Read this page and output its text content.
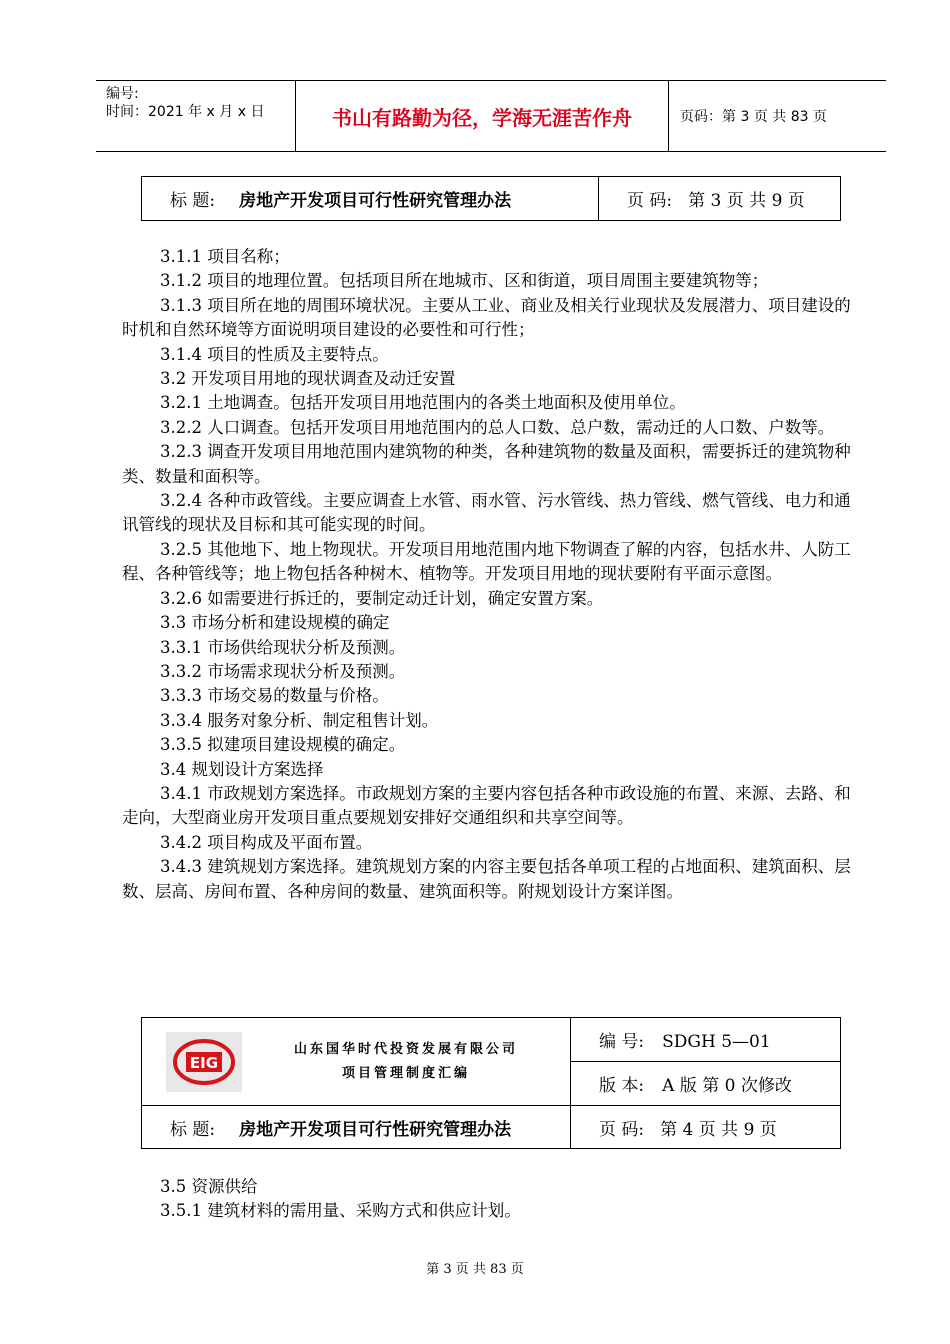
编号:
时间：2021 年 x 月 x 日	书山有路勤为径，学海无涯苦作舟	页码：第 3 页 共 83 页
标 题: 房地产开发项目可行性研究管理办法	页 码: 第 3 页 共 9 页

3.1.1 项目名称；

3.1.2 项目的地理位置。包括项目所在地城市、区和街道，项目周围主要建筑物等；

3.1.3 项目所在地的周围环境状况。主要从工业、商业及相关行业现状及发展潜力、项目建设的时机和自然环境等方面说明项目建设的必要性和可行性；

3.1.4 项目的性质及主要特点。

3.2 开发项目用地的现状调查及动迁安置

3.2.1 土地调查。包括开发项目用地范围内的各类土地面积及使用单位。

3.2.2 人口调查。包括开发项目用地范围内的总人口数、总户数，需动迁的人口数、户数等。

3.2.3 调查开发项目用地范围内建筑物的种类，各种建筑物的数量及面积，需要拆迁的建筑物种类、数量和面积等。

3.2.4 各种市政管线。主要应调查上水管、雨水管、污水管线、热力管线、燃气管线、电力和通讯管线的现状及目标和其可能实现的时间。

3.2.5 其他地下、地上物现状。开发项目用地范围内地下物调查了解的内容，包括水井、人防工程、各种管线等；地上物包括各种树木、植物等。开发项目用地的现状要附有平面示意图。

3.2.6 如需要进行拆迁的，要制定动迁计划，确定安置方案。

3.3 市场分析和建设规模的确定

3.3.1 市场供给现状分析及预测。

3.3.2 市场需求现状分析及预测。

3.3.3 市场交易的数量与价格。

3.3.4 服务对象分析、制定租售计划。

3.3.5 拟建项目建设规模的确定。

3.4 规划设计方案选择

3.4.1 市政规划方案选择。市政规划方案的主要内容包括各种市政设施的布置、来源、去路、和走向，大型商业房开发项目重点要规划安排好交通组织和共享空间等。

3.4.2 项目构成及平面布置。

3.4.3 建筑规划方案选择。建筑规划方案的内容主要包括各单项工程的占地面积、建筑面积、层数、层高、房间布置、各种房间的数量、建筑面积等。附规划设计方案详图。

EIG
山东国华时代投资发展有限公司
项目管理制度汇编	编 号: SDGH 5—01
	版 本: A 版 第 0 次修改
标 题: 房地产开发项目可行性研究管理办法	页 码: 第 4 页 共 9 页

3.5 资源供给

3.5.1 建筑材料的需用量、采购方式和供应计划。

第 3 页 共 83 页
